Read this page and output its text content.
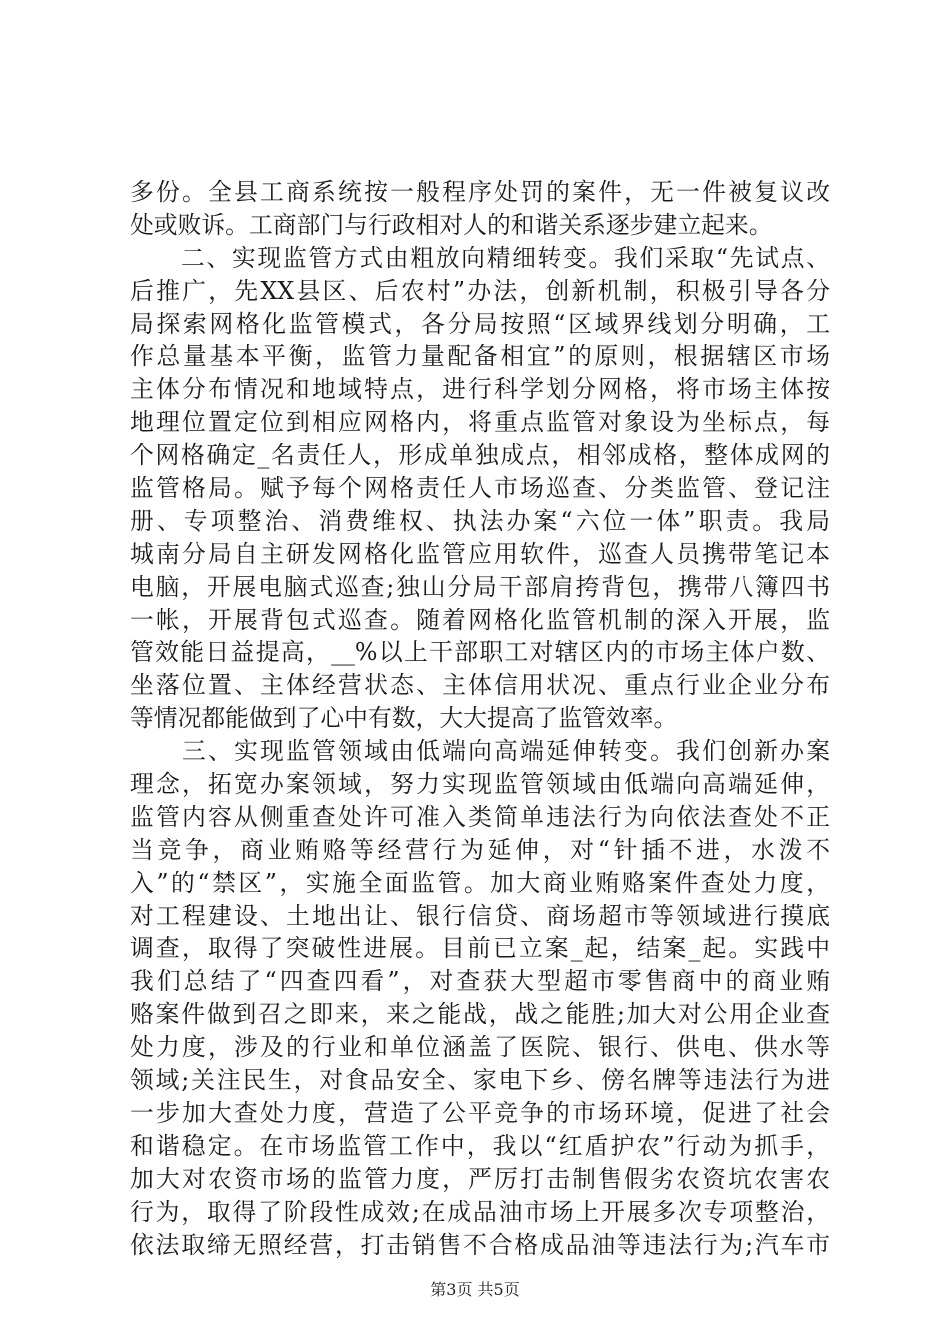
多份。全县工商系统按一般程序处罚的案件，无一件被复议改
处或败诉。工商部门与行政相对人的和谐关系逐步建立起来。
　　二、实现监管方式由粗放向精细转变。我们采取“先试点、
后推广，先XX县区、后农村”办法，创新机制，积极引导各分
局探索网格化监管模式，各分局按照“区域界线划分明确，工
作总量基本平衡，监管力量配备相宜”的原则，根据辖区市场
主体分布情况和地域特点，进行科学划分网格，将市场主体按
地理位置定位到相应网格内，将重点监管对象设为坐标点，每
个网格确定_名责任人，形成单独成点，相邻成格，整体成网的
监管格局。赋予每个网格责任人市场巡查、分类监管、登记注
册、专项整治、消费维权、执法办案“六位一体”职责。我局
城南分局自主研发网格化监管应用软件，巡查人员携带笔记本
电脑，开展电脑式巡查;独山分局干部肩挎背包，携带八簿四书
一帐，开展背包式巡查。随着网格化监管机制的深入开展，监
管效能日益提高，__%以上干部职工对辖区内的市场主体户数、
坐落位置、主体经营状态、主体信用状况、重点行业企业分布
等情况都能做到了心中有数，大大提高了监管效率。
　　三、实现监管领域由低端向高端延伸转变。我们创新办案
理念，拓宽办案领域，努力实现监管领域由低端向高端延伸，
监管内容从侧重查处许可准入类简单违法行为向依法查处不正
当竞争，商业贿赂等经营行为延伸，对“针插不进，水泼不
入”的“禁区”，实施全面监管。加大商业贿赂案件查处力度，
对工程建设、土地出让、银行信贷、商场超市等领域进行摸底
调查，取得了突破性进展。目前已立案_起，结案_起。实践中
我们总结了“四查四看”，对查获大型超市零售商中的商业贿
赂案件做到召之即来，来之能战，战之能胜;加大对公用企业查
处力度，涉及的行业和单位涵盖了医院、银行、供电、供水等
领域;关注民生，对食品安全、家电下乡、傍名牌等违法行为进
一步加大查处力度，营造了公平竞争的市场环境，促进了社会
和谐稳定。在市场监管工作中，我以“红盾护农”行动为抓手，
加大对农资市场的监管力度，严厉打击制售假劣农资坑农害农
行为，取得了阶段性成效;在成品油市场上开展多次专项整治，
依法取缔无照经营，打击销售不合格成品油等违法行为;汽车市
第3页 共5页
